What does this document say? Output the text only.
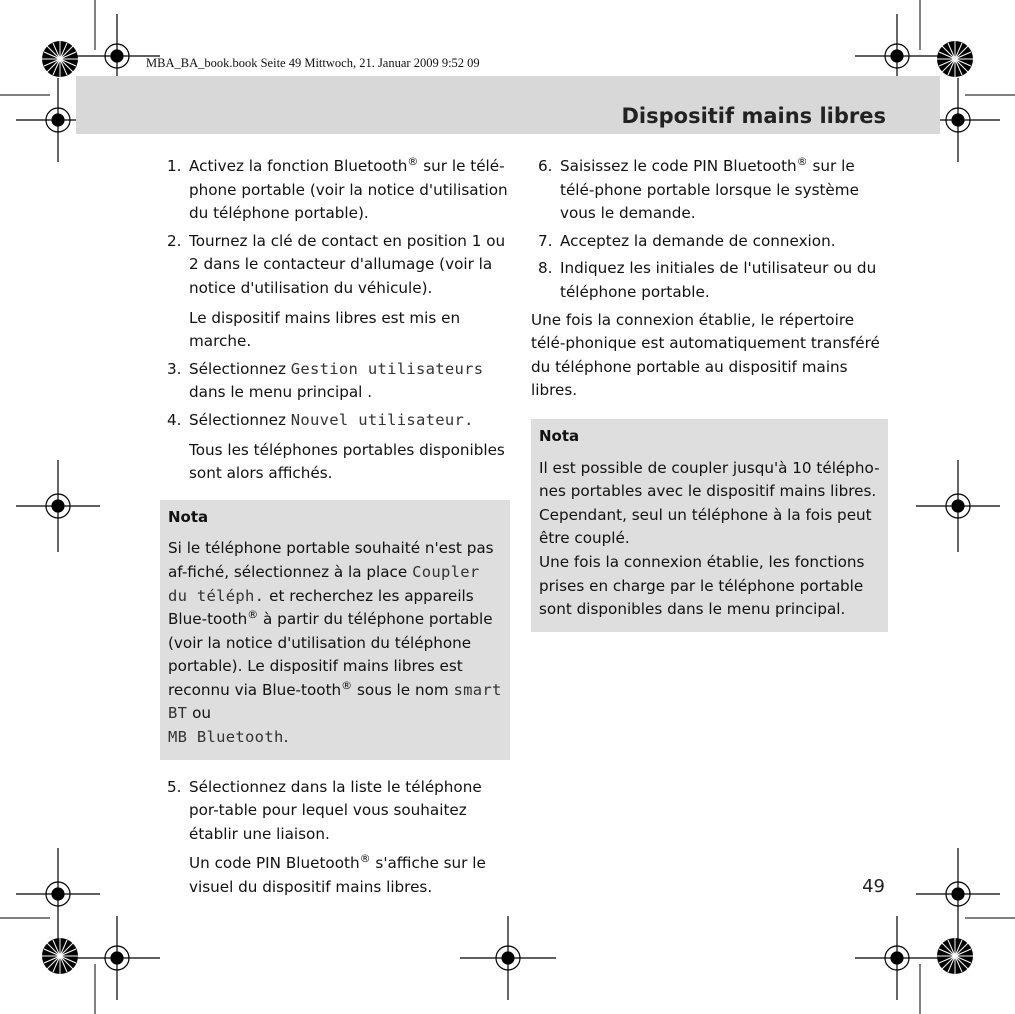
MBA_BA_book.book Seite 49 Mittwoch, 21. Januar 2009 9:52 09
Dispositif mains libres
1. Activez la fonction Bluetooth® sur le télé-phone portable (voir la notice d'utilisation du téléphone portable).
2. Tournez la clé de contact en position 1 ou 2 dans le contacteur d'allumage (voir la notice d'utilisation du véhicule).
Le dispositif mains libres est mis en marche.
3. Sélectionnez Gestion utilisateurs dans le menu principal .
4. Sélectionnez Nouvel utilisateur.
Tous les téléphones portables disponibles sont alors affichés.
Nota
Si le téléphone portable souhaité n'est pas af-fiché, sélectionnez à la place Coupler du téléph. et recherchez les appareils Blue-tooth® à partir du téléphone portable (voir la notice d'utilisation du téléphone portable). Le dispositif mains libres est reconnu via Blue-tooth® sous le nom smart BT ou
MB Bluetooth.
5. Sélectionnez dans la liste le téléphone por-table pour lequel vous souhaitez établir une liaison.
Un code PIN Bluetooth® s'affiche sur le visuel du dispositif mains libres.
6. Saisissez le code PIN Bluetooth® sur le télé-phone portable lorsque le système vous le demande.
7. Acceptez la demande de connexion.
8. Indiquez les initiales de l'utilisateur ou du téléphone portable.
Une fois la connexion établie, le répertoire télé-phonique est automatiquement transféré du téléphone portable au dispositif mains libres.
Nota
Il est possible de coupler jusqu'à 10 télépho-nes portables avec le dispositif mains libres. Cependant, seul un téléphone à la fois peut être couplé.
Une fois la connexion établie, les fonctions prises en charge par le téléphone portable sont disponibles dans le menu principal.
49
